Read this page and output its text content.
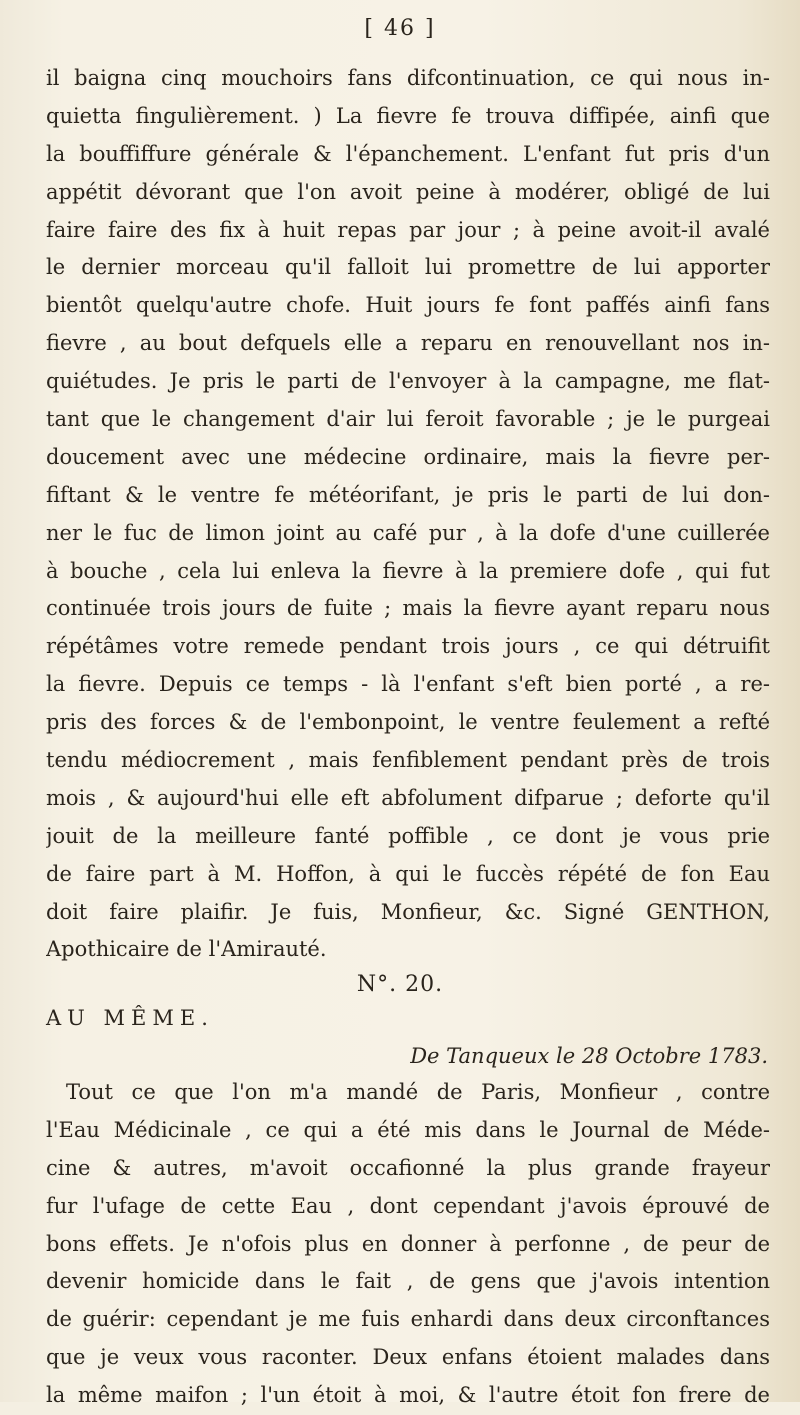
[ 46 ]
il baigna cinq mouchoirs fans difcontinuation, ce qui nous in-
quietta fingulièrement. ) La fievre fe trouva diffipée, ainfi que
la bouffiffure générale & l'épanchement. L'enfant fut pris d'un
appétit dévorant que l'on avoit peine à modérer, obligé de lui
faire faire des fix à huit repas par jour ; à peine avoit-il avalé
le dernier morceau qu'il falloit lui promettre de lui apporter
bientôt quelqu'autre chofe. Huit jours fe font paffés ainfi fans
fievre , au bout defquels elle a reparu en renouvellant nos in-
quiétudes. Je pris le parti de l'envoyer à la campagne, me flat-
tant que le changement d'air lui feroit favorable ; je le purgeai
doucement avec une médecine ordinaire, mais la fievre per-
fiftant & le ventre fe météorifant, je pris le parti de lui don-
ner le fuc de limon joint au café pur , à la dofe d'une cuillerée
à bouche , cela lui enleva la fievre à la premiere dofe , qui fut
continuée trois jours de fuite ; mais la fievre ayant reparu nous
répétâmes votre remede pendant trois jours , ce qui détruifit
la fievre. Depuis ce temps - là l'enfant s'eft bien porté , a re-
pris des forces & de l'embonpoint, le ventre feulement a refté
tendu médiocrement , mais fenfiblement pendant près de trois
mois , & aujourd'hui elle eft abfolument difparue ; deforte qu'il
jouit de la meilleure fanté poffible , ce dont je vous prie
de faire part à M. Hoffon, à qui le fuccès répété de fon Eau
doit faire plaifir. Je fuis, Monfieur, &c. Signé GENTHON,
Apothicaire de l'Amirauté.
N°. 20.
AU MÊME.
De Tanqueux le 28 Octobre 1783.
Tout ce que l'on m'a mandé de Paris, Monfieur , contre
l'Eau Médicinale , ce qui a été mis dans le Journal de Méde-
cine & autres, m'avoit occafionné la plus grande frayeur
fur l'ufage de cette Eau , dont cependant j'avois éprouvé de
bons effets. Je n'ofois plus en donner à perfonne , de peur de
devenir homicide dans le fait , de gens que j'avois intention
de guérir: cependant je me fuis enhardi dans deux circonftances
que je veux vous raconter. Deux enfans étoient malades dans
la même maifon ; l'un étoit à moi, & l'autre étoit fon frere de
